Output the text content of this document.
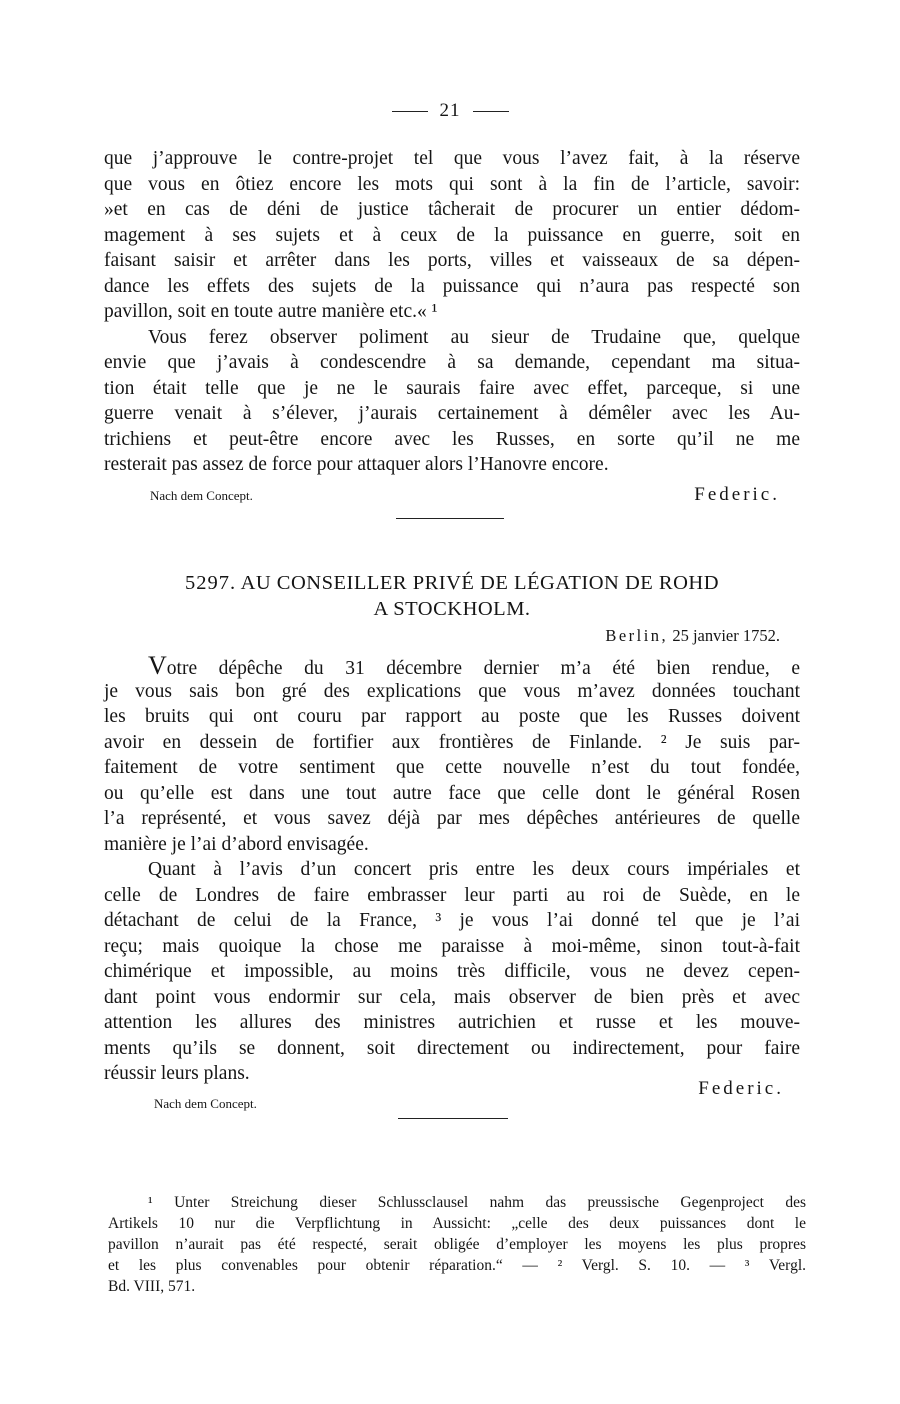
21
que j’approuve le contre-projet tel que vous l’avez fait, à la réserve
que vous en ôtiez encore les mots qui sont à la fin de l’article, savoir:
»et en cas de déni de justice tâcherait de procurer un entier dédom-
magement à ses sujets et à ceux de la puissance en guerre, soit en
faisant saisir et arrêter dans les ports, villes et vaisseaux de sa dépen-
dance les effets des sujets de la puissance qui n’aura pas respecté son
pavillon, soit en toute autre manière etc.« ¹
Vous ferez observer poliment au sieur de Trudaine que, quelque
envie que j’avais à condescendre à sa demande, cependant ma situa-
tion était telle que je ne le saurais faire avec effet, parceque, si une
guerre venait à s’élever, j’aurais certainement à démêler avec les Au-
trichiens et peut-être encore avec les Russes, en sorte qu’il ne me
resterait pas assez de force pour attaquer alors l’Hanovre encore.
Nach dem Concept.	Federic.
5297. AU CONSEILLER PRIVÉ DE LÉGATION DE ROHD
A STOCKHOLM.
Berlin, 25 janvier 1752.
Votre dépêche du 31 décembre dernier m’a été bien rendue, e
je vous sais bon gré des explications que vous m’avez données touchant
les bruits qui ont couru par rapport au poste que les Russes doivent
avoir en dessein de fortifier aux frontières de Finlande. ² Je suis par-
faitement de votre sentiment que cette nouvelle n’est du tout fondée,
ou qu’elle est dans une tout autre face que celle dont le général Rosen
l’a représenté, et vous savez déjà par mes dépêches antérieures de quelle
manière je l’ai d’abord envisagée.
Quant à l’avis d’un concert pris entre les deux cours impériales et
celle de Londres de faire embrasser leur parti au roi de Suède, en le
détachant de celui de la France, ³ je vous l’ai donné tel que je l’ai
reçu; mais quoique la chose me paraisse à moi-même, sinon tout-à-fait
chimérique et impossible, au moins très difficile, vous ne devez cepen-
dant point vous endormir sur cela, mais observer de bien près et avec
attention les allures des ministres autrichien et russe et les mouve-
ments qu’ils se donnent, soit directement ou indirectement, pour faire
réussir leurs plans.
Nach dem Concept.
Federic.
¹ Unter Streichung dieser Schlussclausel nahm das preussische Gegenproject des
Artikels 10 nur die Verpflichtung in Aussicht: „celle des deux puissances dont le
pavillon n’aurait pas été respecté, serait obligée d’employer les moyens les plus propres
et les plus convenables pour obtenir réparation.“ — ² Vergl. S. 10. — ³ Vergl.
Bd. VIII, 571.
